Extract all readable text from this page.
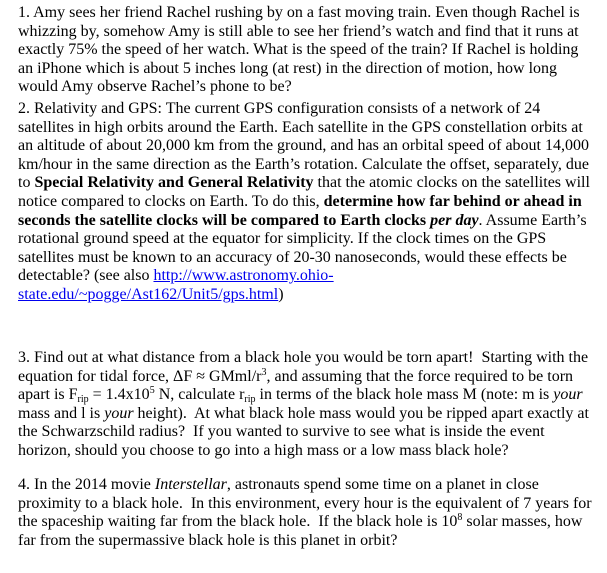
1. Amy sees her friend Rachel rushing by on a fast moving train. Even though Rachel is
whizzing by, somehow Amy is still able to see her friend’s watch and find that it runs at
exactly 75% the speed of her watch. What is the speed of the train? If Rachel is holding
an iPhone which is about 5 inches long (at rest) in the direction of motion, how long
would Amy observe Rachel’s phone to be?
2. Relativity and GPS: The current GPS configuration consists of a network of 24
satellites in high orbits around the Earth. Each satellite in the GPS constellation orbits at
an altitude of about 20,000 km from the ground, and has an orbital speed of about 14,000
km/hour in the same direction as the Earth’s rotation. Calculate the offset, separately, due
to Special Relativity and General Relativity that the atomic clocks on the satellites will
notice compared to clocks on Earth. To do this, determine how far behind or ahead in
seconds the satellite clocks will be compared to Earth clocks per day. Assume Earth’s
rotational ground speed at the equator for simplicity. If the clock times on the GPS
satellites must be known to an accuracy of 20-30 nanoseconds, would these effects be
detectable? (see also http://www.astronomy.ohio-
state.edu/~pogge/Ast162/Unit5/gps.html)
3. Find out at what distance from a black hole you would be torn apart!  Starting with the
equation for tidal force, ΔF ≈ GMml/$r^3$, and assuming that the force required to be torn
apart is $F_{rip} = 1.4x10^5$ N, calculate $r_{rip}$ in terms of the black hole mass M (note: m is your
mass and l is your height).  At what black hole mass would you be ripped apart exactly at
the Schwarzschild radius?  If you wanted to survive to see what is inside the event
horizon, should you choose to go into a high mass or a low mass black hole?
4. In the 2014 movie Interstellar, astronauts spend some time on a planet in close
proximity to a black hole.  In this environment, every hour is the equivalent of 7 years for
the spaceship waiting far from the black hole.  If the black hole is $10^8$ solar masses, how
far from the supermassive black hole is this planet in orbit?
